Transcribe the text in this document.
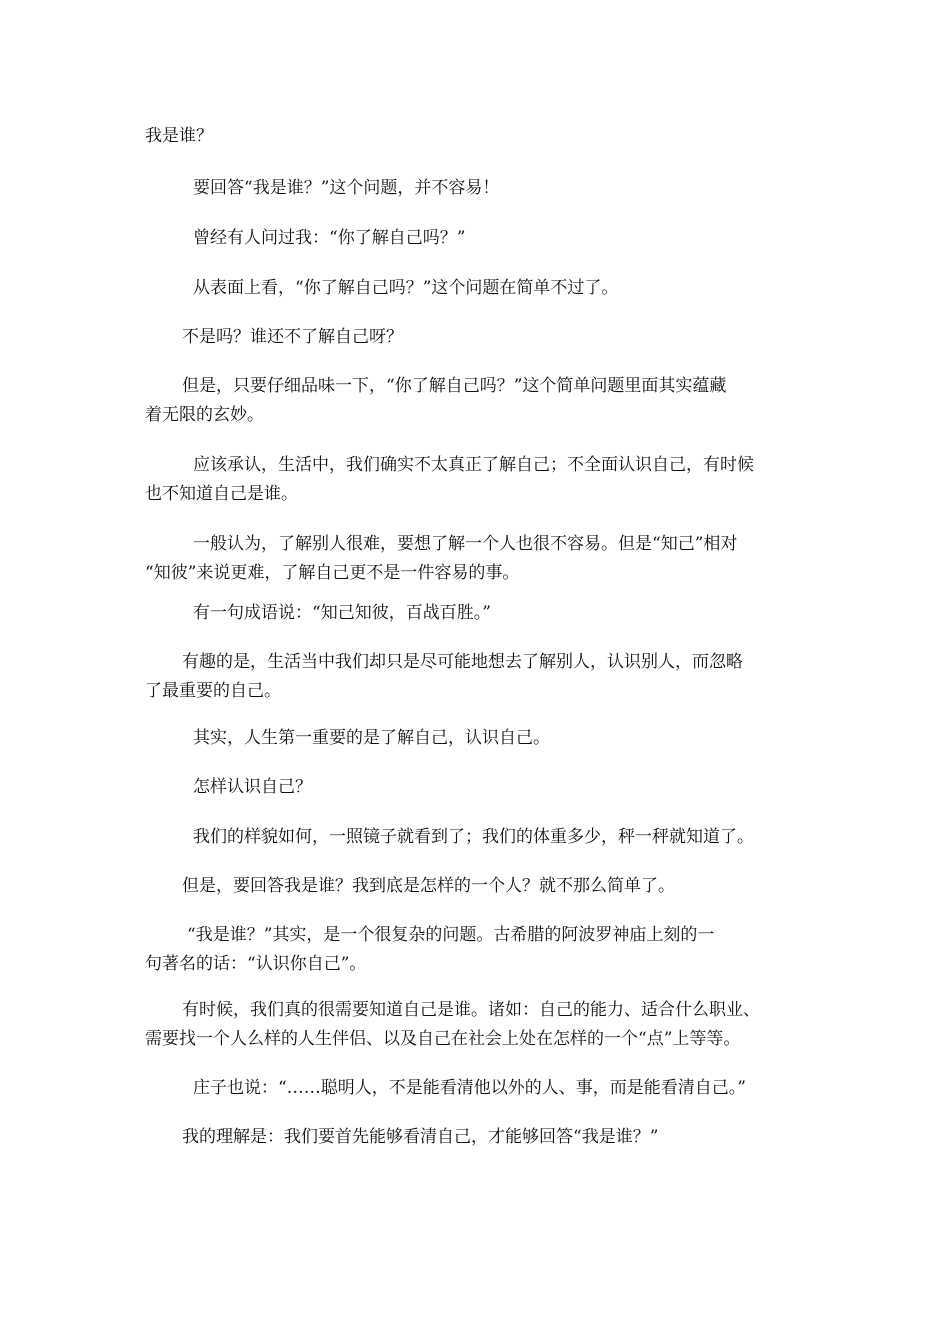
我是谁？

要回答“我是谁？”这个问题，并不容易！

曾经有人问过我：“你了解自己吗？”

从表面上看，“你了解自己吗？”这个问题在简单不过了。

不是吗？谁还不了解自己呀？

但是，只要仔细品味一下，“你了解自己吗？”这个简单问题里面其实蕴藏
着无限的玄妙。

应该承认，生活中，我们确实不太真正了解自己；不全面认识自己，有时候
也不知道自己是谁。

一般认为，了解别人很难，要想了解一个人也很不容易。但是“知己”相对
“知彼”来说更难，了解自己更不是一件容易的事。

有一句成语说：“知己知彼，百战百胜。”

有趣的是，生活当中我们却只是尽可能地想去了解别人，认识别人，而忽略
了最重要的自己。

其实，人生第一重要的是了解自己，认识自己。

怎样认识自己？

我们的样貌如何，一照镜子就看到了；我们的体重多少，秤一秤就知道了。

但是，要回答我是谁？我到底是怎样的一个人？就不那么简单了。

“我是谁？”其实，是一个很复杂的问题。古希腊的阿波罗神庙上刻的一
句著名的话：“认识你自己”。

有时候，我们真的很需要知道自己是谁。诸如：自己的能力、适合什么职业、
需要找一个人么样的人生伴侣、以及自己在社会上处在怎样的一个“点”上等等。

庄子也说：“……聪明人，不是能看清他以外的人、事，而是能看清自己。”

我的理解是：我们要首先能够看清自己，才能够回答“我是谁？”
